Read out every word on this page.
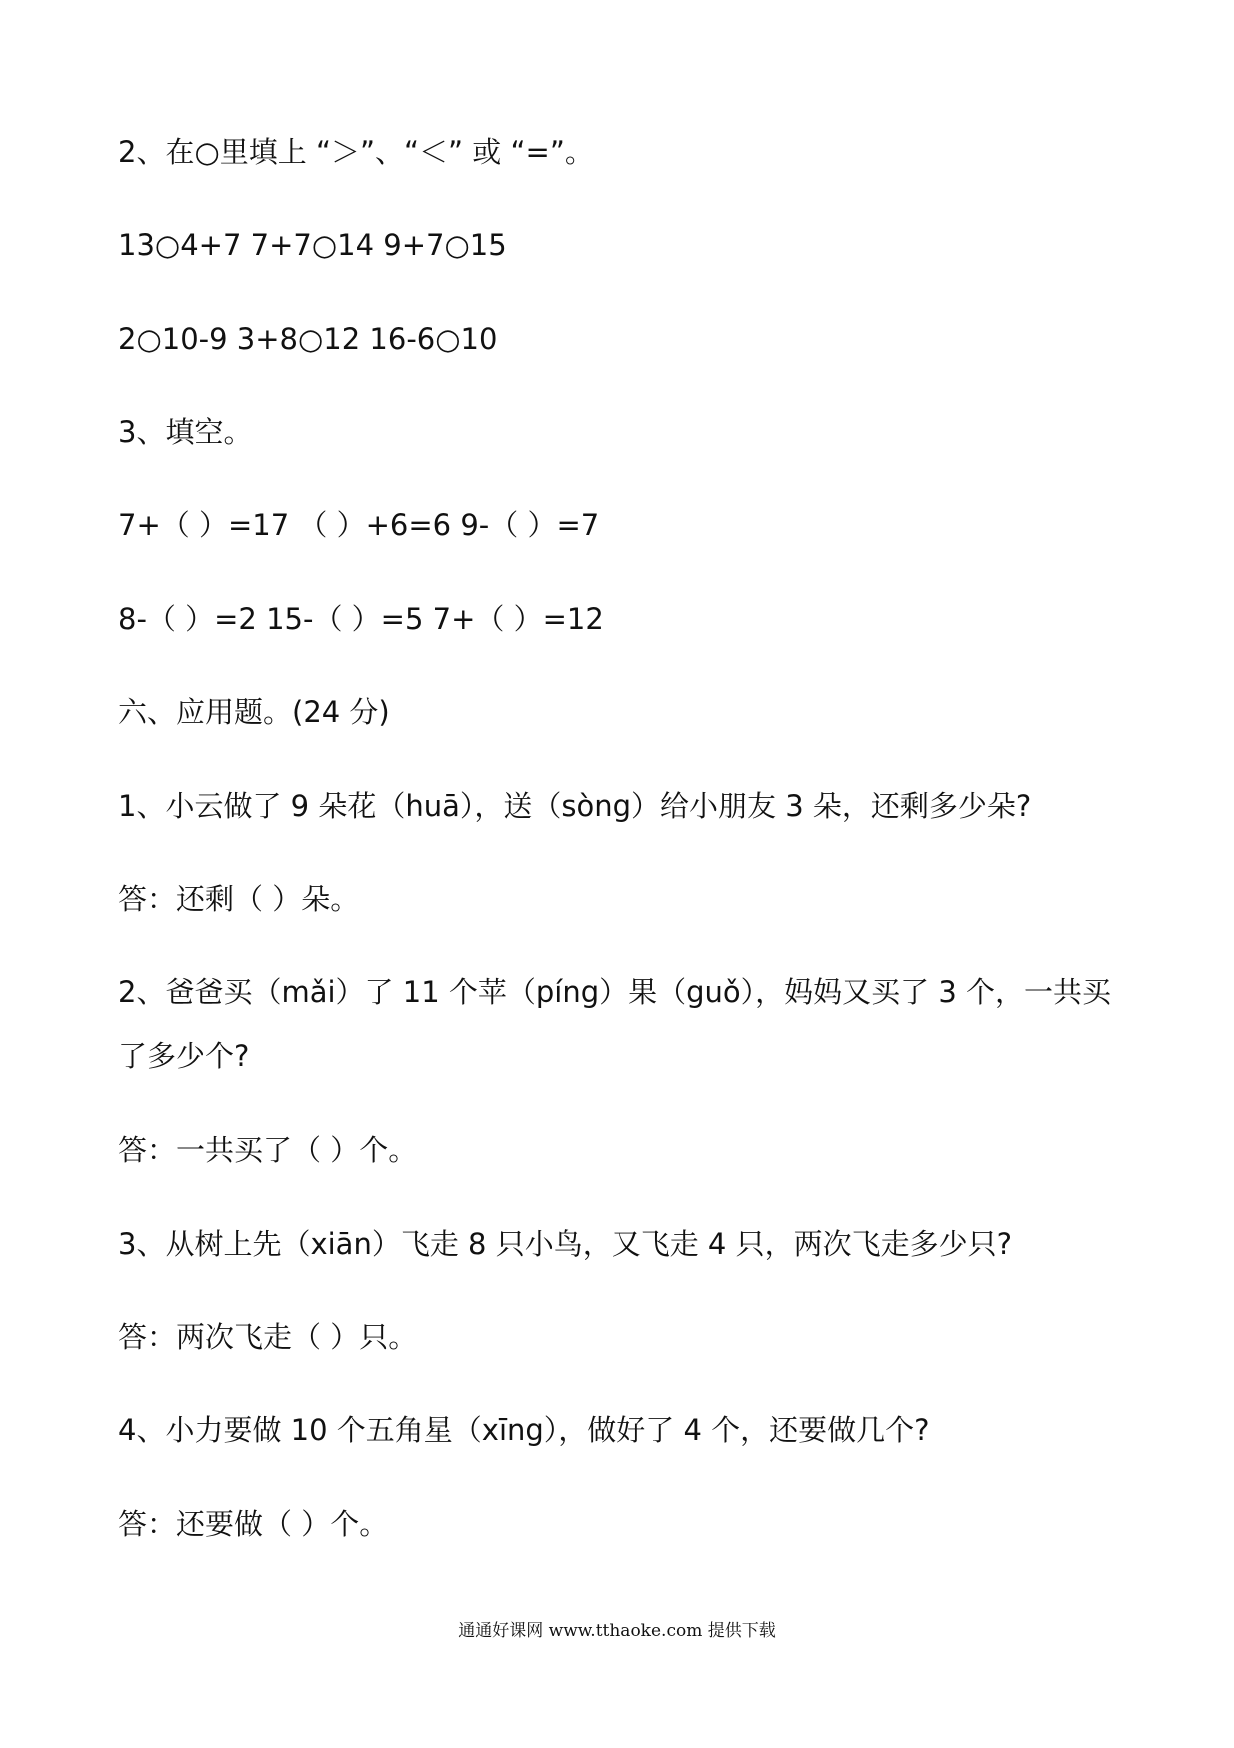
2、在○里填上 “＞”、“＜” 或 “=”。
13○4+7 7+7○14 9+7○15
2○10-9 3+8○12 16-6○10
3、填空。
7+（ ）=17 （ ）+6=6 9-（ ）=7
8-（ ）=2 15-（ ）=5 7+（ ）=12
六、应用题。(24 分)
1、小云做了 9 朵花（huā），送（sòng）给小朋友 3 朵，还剩多少朵?
答：还剩（ ）朵。
2、爸爸买（mǎi）了 11 个苹（píng）果（guǒ），妈妈又买了 3 个，一共买了多少个?
答：一共买了（ ）个。
3、从树上先（xiān）飞走 8 只小鸟，又飞走 4 只，两次飞走多少只?
答：两次飞走（ ）只。
4、小力要做 10 个五角星（xīng），做好了 4 个，还要做几个?
答：还要做（ ）个。
通通好课网 www.tthaoke.com 提供下载
